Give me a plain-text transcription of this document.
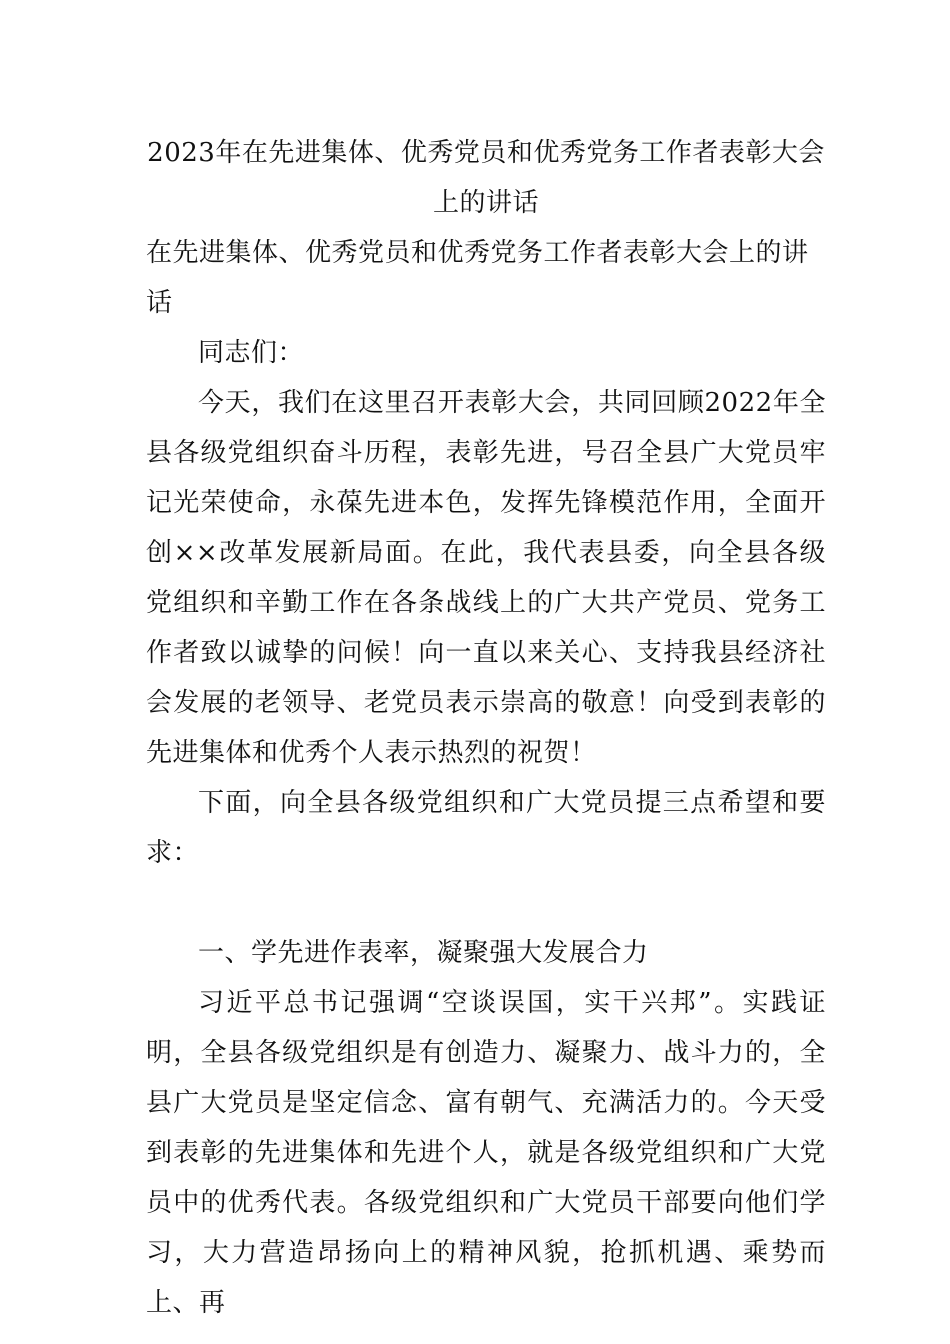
2023年在先进集体、优秀党员和优秀党务工作者表彰大会
上的讲话
在先进集体、优秀党员和优秀党务工作者表彰大会上的讲话

同志们：

今天，我们在这里召开表彰大会，共同回顾2022年全县各级党组织奋斗历程，表彰先进，号召全县广大党员牢记光荣使命，永葆先进本色，发挥先锋模范作用，全面开创××改革发展新局面。在此，我代表县委，向全县各级党组织和辛勤工作在各条战线上的广大共产党员、党务工作者致以诚挚的问候！向一直以来关心、支持我县经济社会发展的老领导、老党员表示崇高的敬意！向受到表彰的先进集体和优秀个人表示热烈的祝贺！

下面，向全县各级党组织和广大党员提三点希望和要求：

一、学先进作表率，凝聚强大发展合力

习近平总书记强调“空谈误国，实干兴邦”。实践证明，全县各级党组织是有创造力、凝聚力、战斗力的，全县广大党员是坚定信念、富有朝气、充满活力的。今天受到表彰的先进集体和先进个人，就是各级党组织和广大党员中的优秀代表。各级党组织和广大党员干部要向他们学习，大力营造昂扬向上的精神风貌，抢抓机遇、乘势而上、再
